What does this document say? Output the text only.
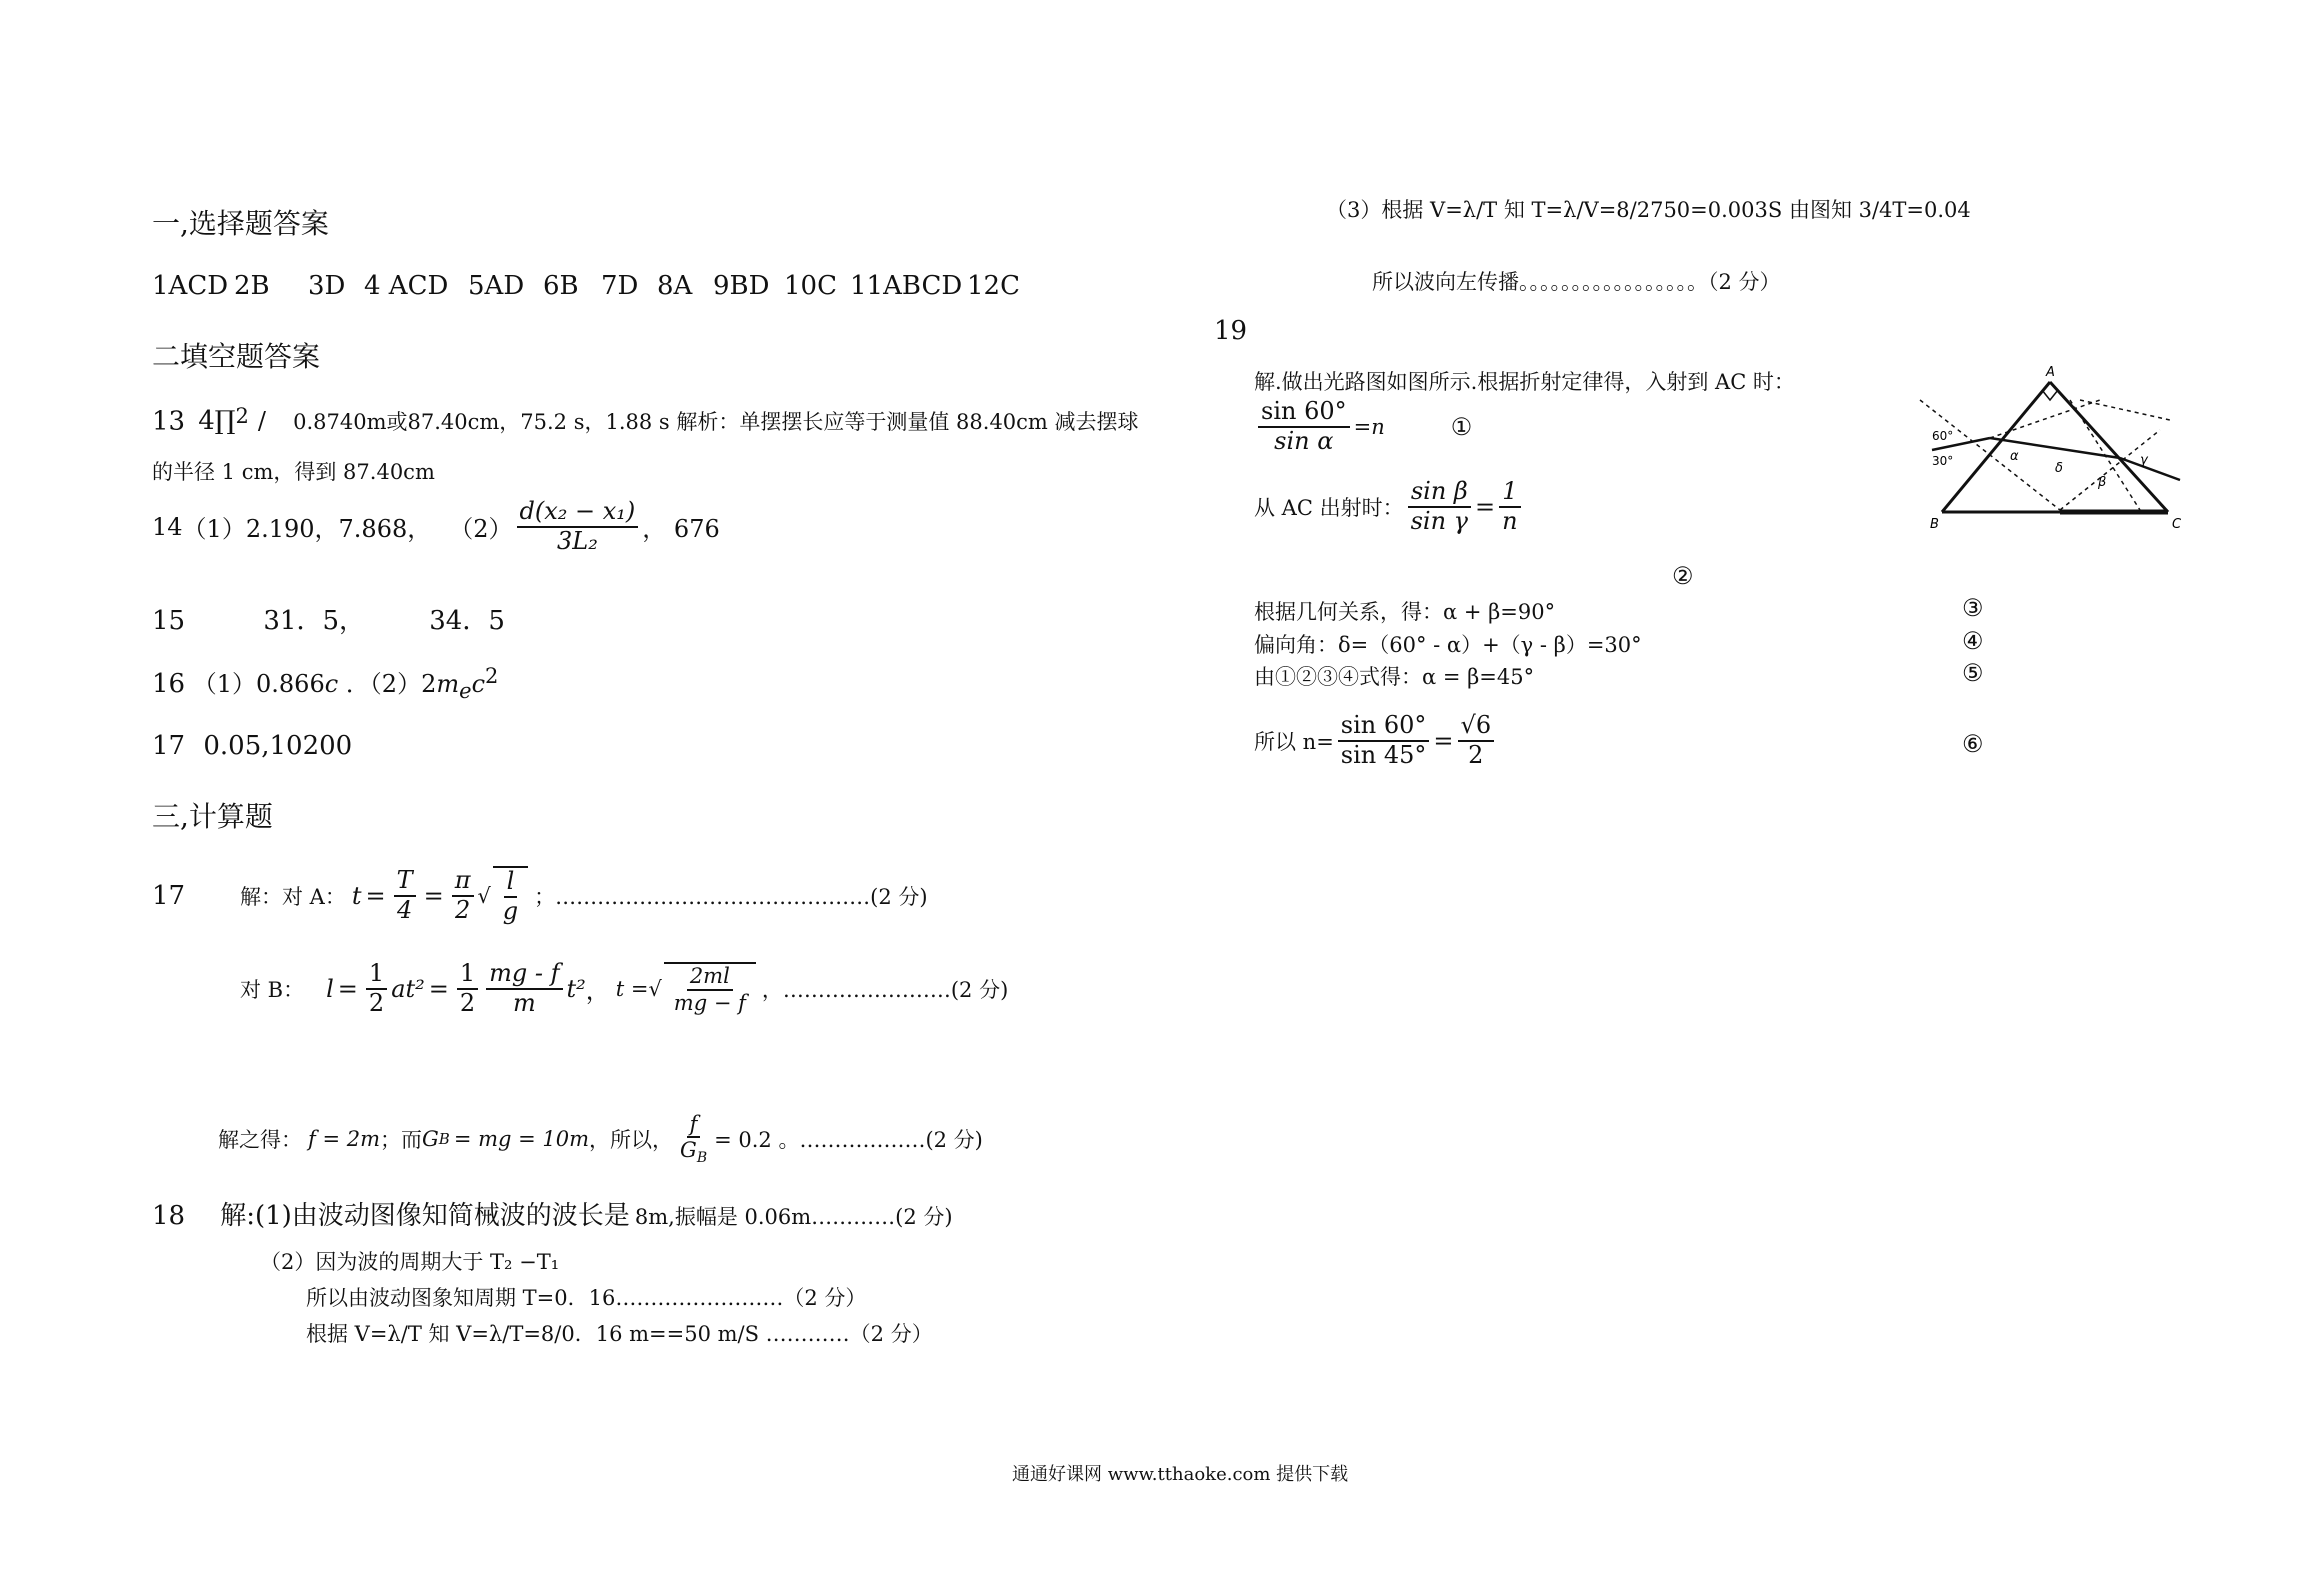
一,选择题答案
1ACD 2B	3D 4 ACD 5AD 6B 7D 8A 9BD 10C 11ABCD 12C
二填空题答案
13 4∏$^2$ / 0.8740m或87.40cm，75.2 s，1.88 s 解析：单摆摆长应等于测量值 88.40cm 减去摆球
的半径 1 cm，得到 87.40cm
14 （1）2.190，7.868， $(2) \frac{\text{d(x₂ − x₁)}}{\text{3L₂}}$ ， 676
15	31．5， 34．5
16 （1）0.866c ．$(2)2m_ec^2$
17 0.05,10200
三,计算题
17	解：对 A： $t = \frac{T}{4} = \frac{\pi}{2}$ √ $\frac{l}{g}$ ；………………………………………(2 分)
对 B： $l = \frac{1}{2} at^2 = \frac{1}{2} \frac{mg - f}{m} t^2$ ， t = √ $\frac{2ml}{mg - f}$ ，……………………(2 分)
解之得： f = 2m ；而 G B = mg = 10m ，所以， $\frac{f}{G_B} = 0.2$ 。………………(2 分)
18 解:(1)由波动图像知简械波的波长是 8m,振幅是 0.06m…………(2 分)
（2）因为波的周期大于 T₂ −T₁
所以由波动图象知周期 T=0．16……………………（2 分）
根据 V=λ/T 知 V=λ/T=8/0．16 m==50 m/S …………（2 分）
（3）根据 V=λ/T 知 T=λ/V=8/2750=0.003S 由图知 3/4T=0.04
所以波向左传播。。。。。。。。。。。。。。。。。（2 分）
19
解.做出光路图如图所示.根据折射定律得，入射到 AC 时：
$\frac{\sin 60^\circ}{\text{sin α}} =n$	①
从 AC 出射时： $\frac{\text{sin β}}{\text{sin γ}} = \frac{1}{n}$
②
根据几何关系，得：α + β=90°	③
偏向角：δ=（60° - α）+（γ - β）=30°	④
由①②③④式得：α = β=45°	⑤
所以 $n= \frac{\sin 60^\circ}{\sin 45^\circ} = \frac{√6}{2}$	⑥
A
B	C
60°
30°	α
δ
β
γ
通通好课网 www.tthaoke.com 提供下载
